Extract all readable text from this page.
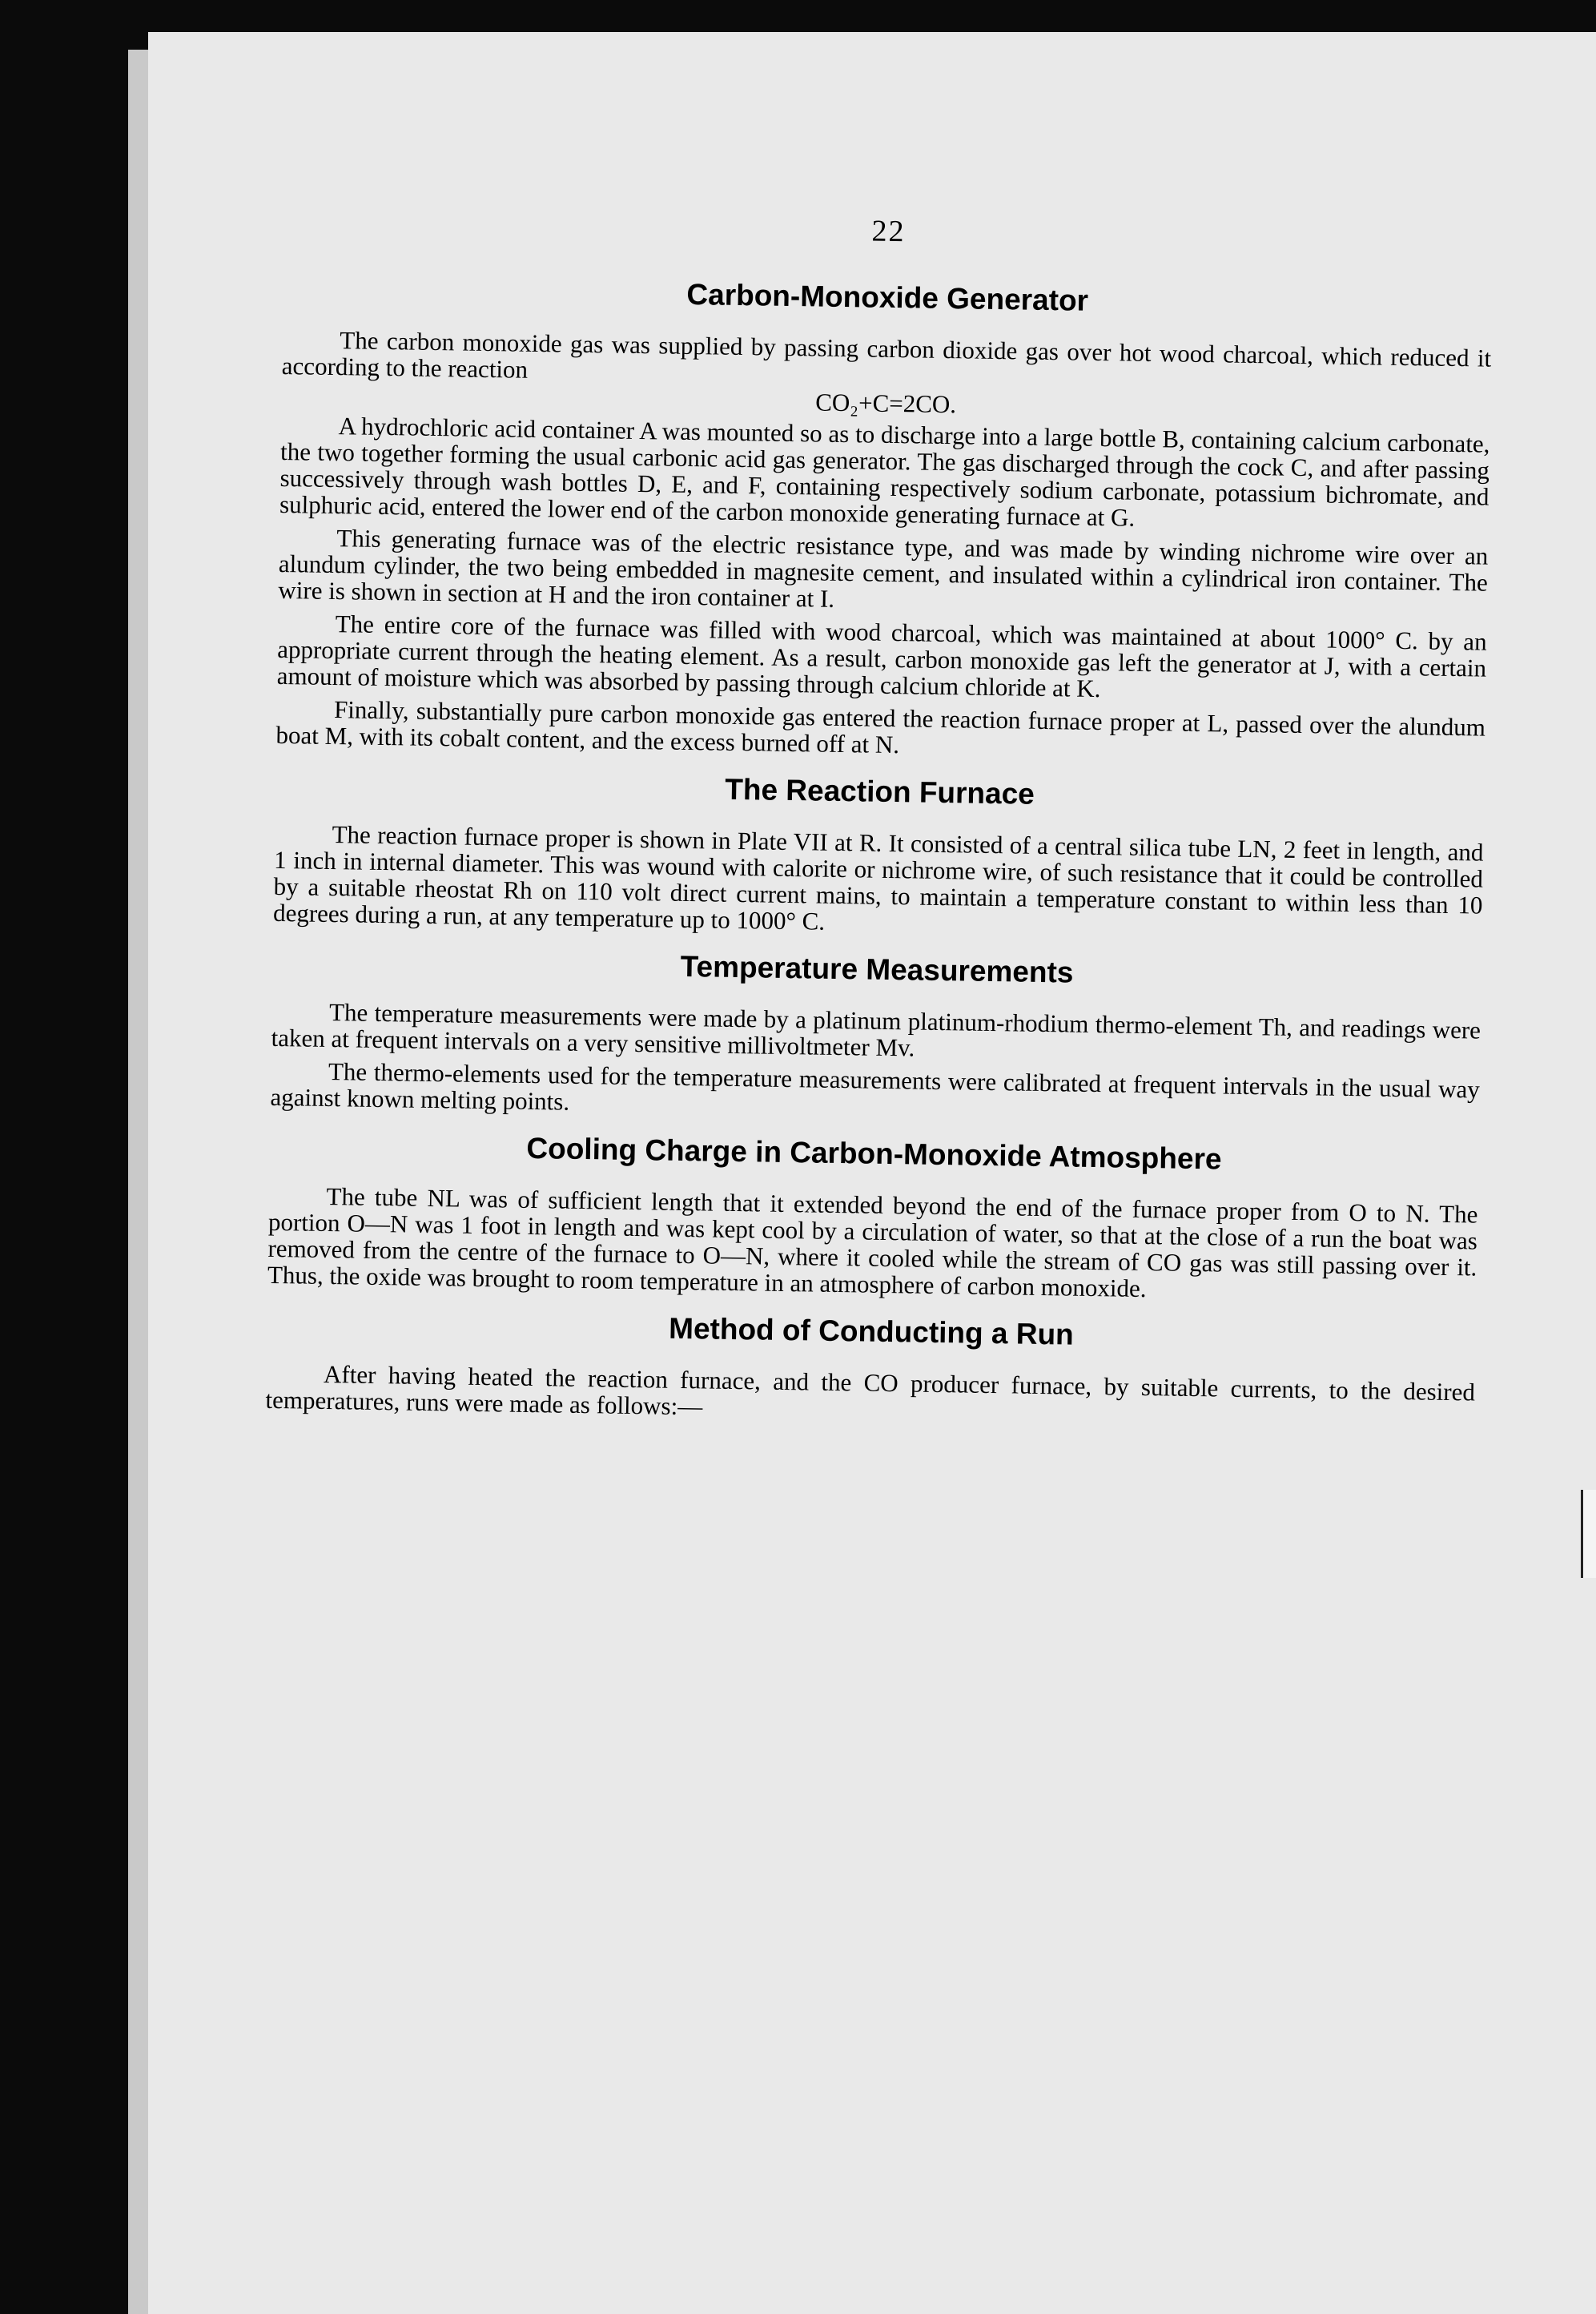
22
Carbon-Monoxide Generator

The carbon monoxide gas was supplied by passing carbon dioxide gas over hot wood charcoal, which reduced it according to the reaction

CO₂+C=2CO.

A hydrochloric acid container A was mounted so as to discharge into a large bottle B, containing calcium carbonate, the two together forming the usual carbonic acid gas generator. The gas discharged through the cock C, and after passing successively through wash bottles D, E, and F, containing respectively sodium carbonate, potassium bichromate, and sulphuric acid, entered the lower end of the carbon monoxide generating furnace at G.

This generating furnace was of the electric resistance type, and was made by winding nichrome wire over an alundum cylinder, the two being embedded in magnesite cement, and insulated within a cylindrical iron container. The wire is shown in section at H and the iron container at I.

The entire core of the furnace was filled with wood charcoal, which was maintained at about 1000° C. by an appropriate current through the heating element. As a result, carbon monoxide gas left the generator at J, with a certain amount of moisture which was absorbed by passing through calcium chloride at K.

Finally, substantially pure carbon monoxide gas entered the reaction furnace proper at L, passed over the alundum boat M, with its cobalt content, and the excess burned off at N.

The Reaction Furnace

The reaction furnace proper is shown in Plate VII at R. It consisted of a central silica tube LN, 2 feet in length, and 1 inch in internal diameter. This was wound with calorite or nichrome wire, of such resistance that it could be controlled by a suitable rheostat Rh on 110 volt direct current mains, to maintain a temperature constant to within less than 10 degrees during a run, at any temperature up to 1000° C.

Temperature Measurements

The temperature measurements were made by a platinum platinum-rhodium thermo-element Th, and readings were taken at frequent intervals on a very sensitive millivoltmeter Mv.

The thermo-elements used for the temperature measurements were calibrated at frequent intervals in the usual way against known melting points.

Cooling Charge in Carbon-Monoxide Atmosphere

The tube NL was of sufficient length that it extended beyond the end of the furnace proper from O to N. The portion O—N was 1 foot in length and was kept cool by a circulation of water, so that at the close of a run the boat was removed from the centre of the furnace to O—N, where it cooled while the stream of CO gas was still passing over it. Thus, the oxide was brought to room temperature in an atmosphere of carbon monoxide.

Method of Conducting a Run

After having heated the reaction furnace, and the CO producer furnace, by suitable currents, to the desired temperatures, runs were made as follows:—
